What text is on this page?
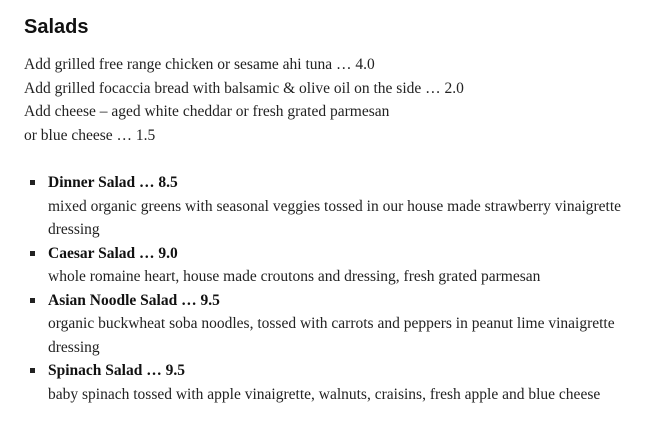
Salads
Add grilled free range chicken or sesame ahi tuna … 4.0
Add grilled focaccia bread with balsamic & olive oil on the side … 2.0
Add cheese – aged white cheddar or fresh grated parmesan
or blue cheese … 1.5
Dinner Salad … 8.5
mixed organic greens with seasonal veggies tossed in our house made strawberry vinaigrette dressing
Caesar Salad … 9.0
whole romaine heart, house made croutons and dressing, fresh grated parmesan
Asian Noodle Salad … 9.5
organic buckwheat soba noodles, tossed with carrots and peppers in peanut lime vinaigrette dressing
Spinach Salad … 9.5
baby spinach tossed with apple vinaigrette, walnuts, craisins, fresh apple and blue cheese
